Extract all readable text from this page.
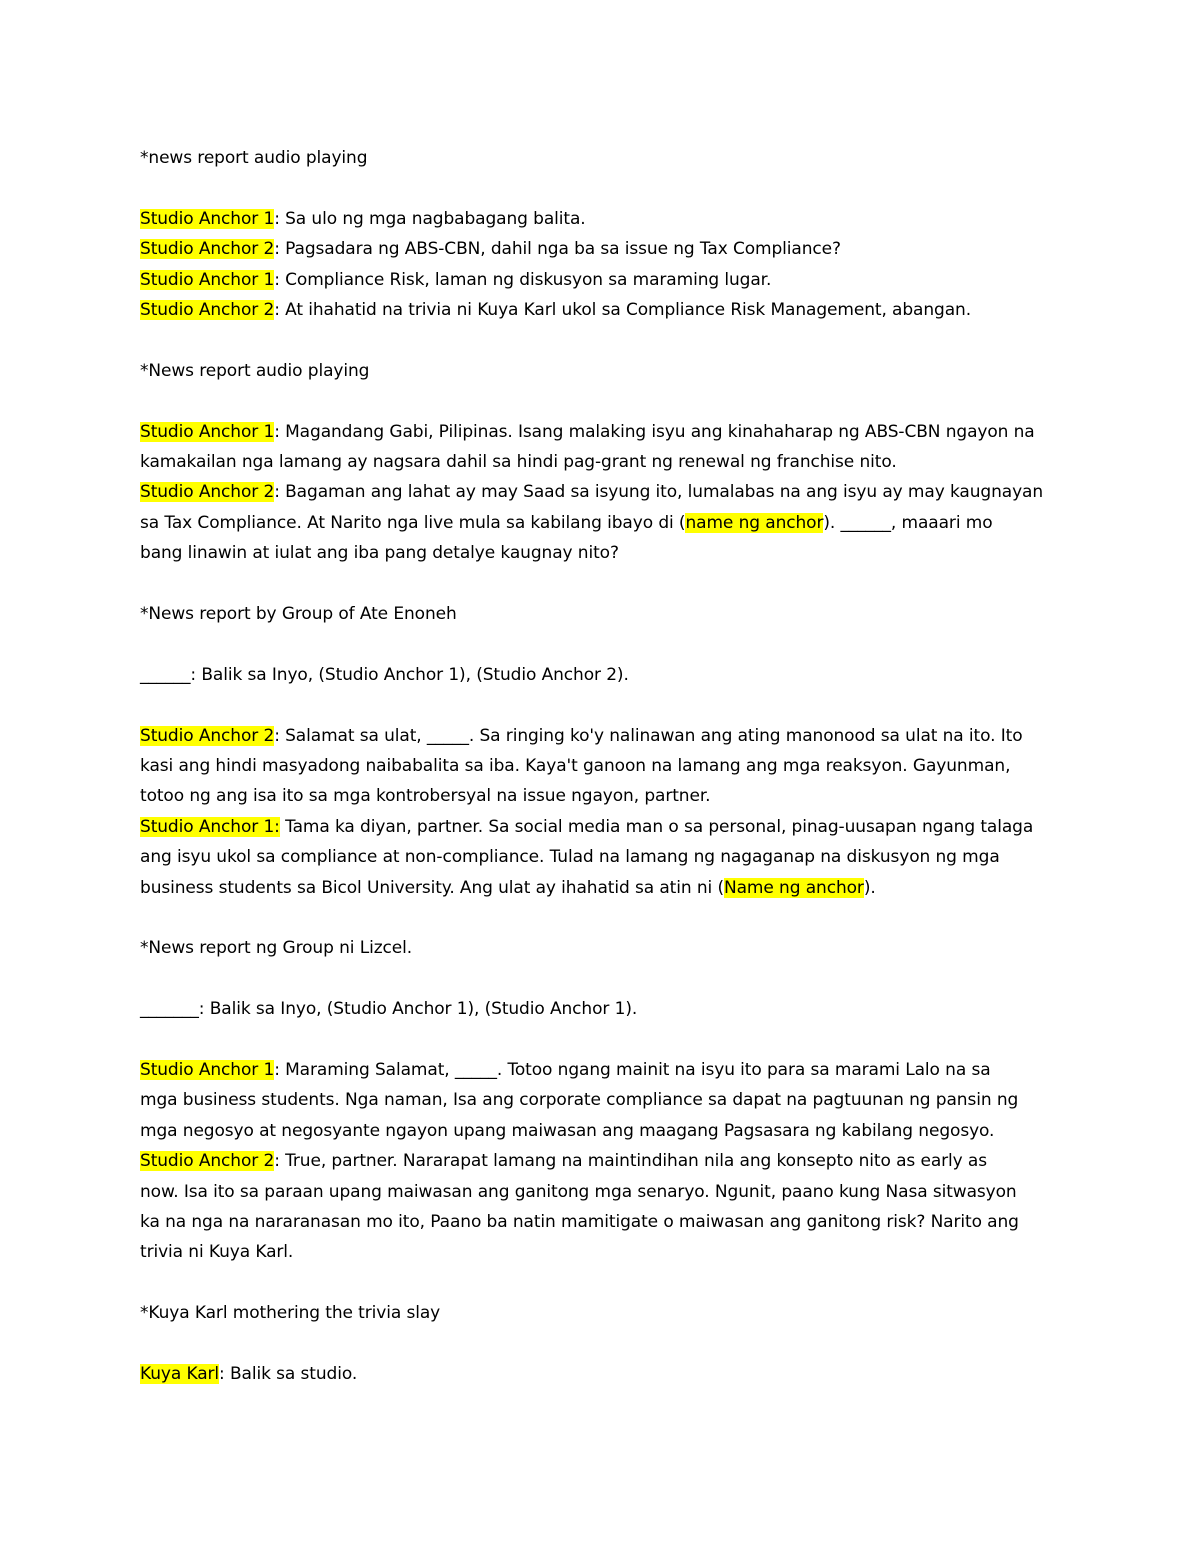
*news report audio playing

Studio Anchor 1: Sa ulo ng mga nagbabagang balita.

Studio Anchor 2: Pagsadara ng ABS-CBN, dahil nga ba sa issue ng Tax Compliance?

Studio Anchor 1: Compliance Risk, laman ng diskusyon sa maraming lugar.

Studio Anchor 2: At ihahatid na trivia ni Kuya Karl ukol sa Compliance Risk Management, abangan.

*News report audio playing

Studio Anchor 1: Magandang Gabi, Pilipinas. Isang malaking isyu ang kinahaharap ng ABS-CBN ngayon na

kamakailan nga lamang ay nagsara dahil sa hindi pag-grant ng renewal ng franchise nito.

Studio Anchor 2: Bagaman ang lahat ay may Saad sa isyung ito, lumalabas na ang isyu ay may kaugnayan

sa Tax Compliance. At Narito nga live mula sa kabilang ibayo di (name ng anchor). ______, maaari mo

bang linawin at iulat ang iba pang detalye kaugnay nito?

*News report by Group of Ate Enoneh

______: Balik sa Inyo, (Studio Anchor 1), (Studio Anchor 2).

Studio Anchor 2: Salamat sa ulat, _____. Sa ringing ko'y nalinawan ang ating manonood sa ulat na ito. Ito

kasi ang hindi masyadong naibabalita sa iba. Kaya't ganoon na lamang ang mga reaksyon. Gayunman,

totoo ng ang isa ito sa mga kontrobersyal na issue ngayon, partner.

Studio Anchor 1: Tama ka diyan, partner. Sa social media man o sa personal, pinag-uusapan ngang talaga

ang isyu ukol sa compliance at non-compliance. Tulad na lamang ng nagaganap na diskusyon ng mga

business students sa Bicol University. Ang ulat ay ihahatid sa atin ni (Name ng anchor).

*News report ng Group ni Lizcel.

_______: Balik sa Inyo, (Studio Anchor 1), (Studio Anchor 1).

Studio Anchor 1: Maraming Salamat, _____. Totoo ngang mainit na isyu ito para sa marami Lalo na sa

mga business students. Nga naman, Isa ang corporate compliance sa dapat na pagtuunan ng pansin ng

mga negosyo at negosyante ngayon upang maiwasan ang maagang Pagsasara ng kabilang negosyo.

Studio Anchor 2: True, partner. Nararapat lamang na maintindihan nila ang konsepto nito as early as

now. Isa ito sa paraan upang maiwasan ang ganitong mga senaryo. Ngunit, paano kung Nasa sitwasyon

ka na nga na nararanasan mo ito, Paano ba natin mamitigate o maiwasan ang ganitong risk? Narito ang

trivia ni Kuya Karl.

*Kuya Karl mothering the trivia slay

Kuya Karl: Balik sa studio.
